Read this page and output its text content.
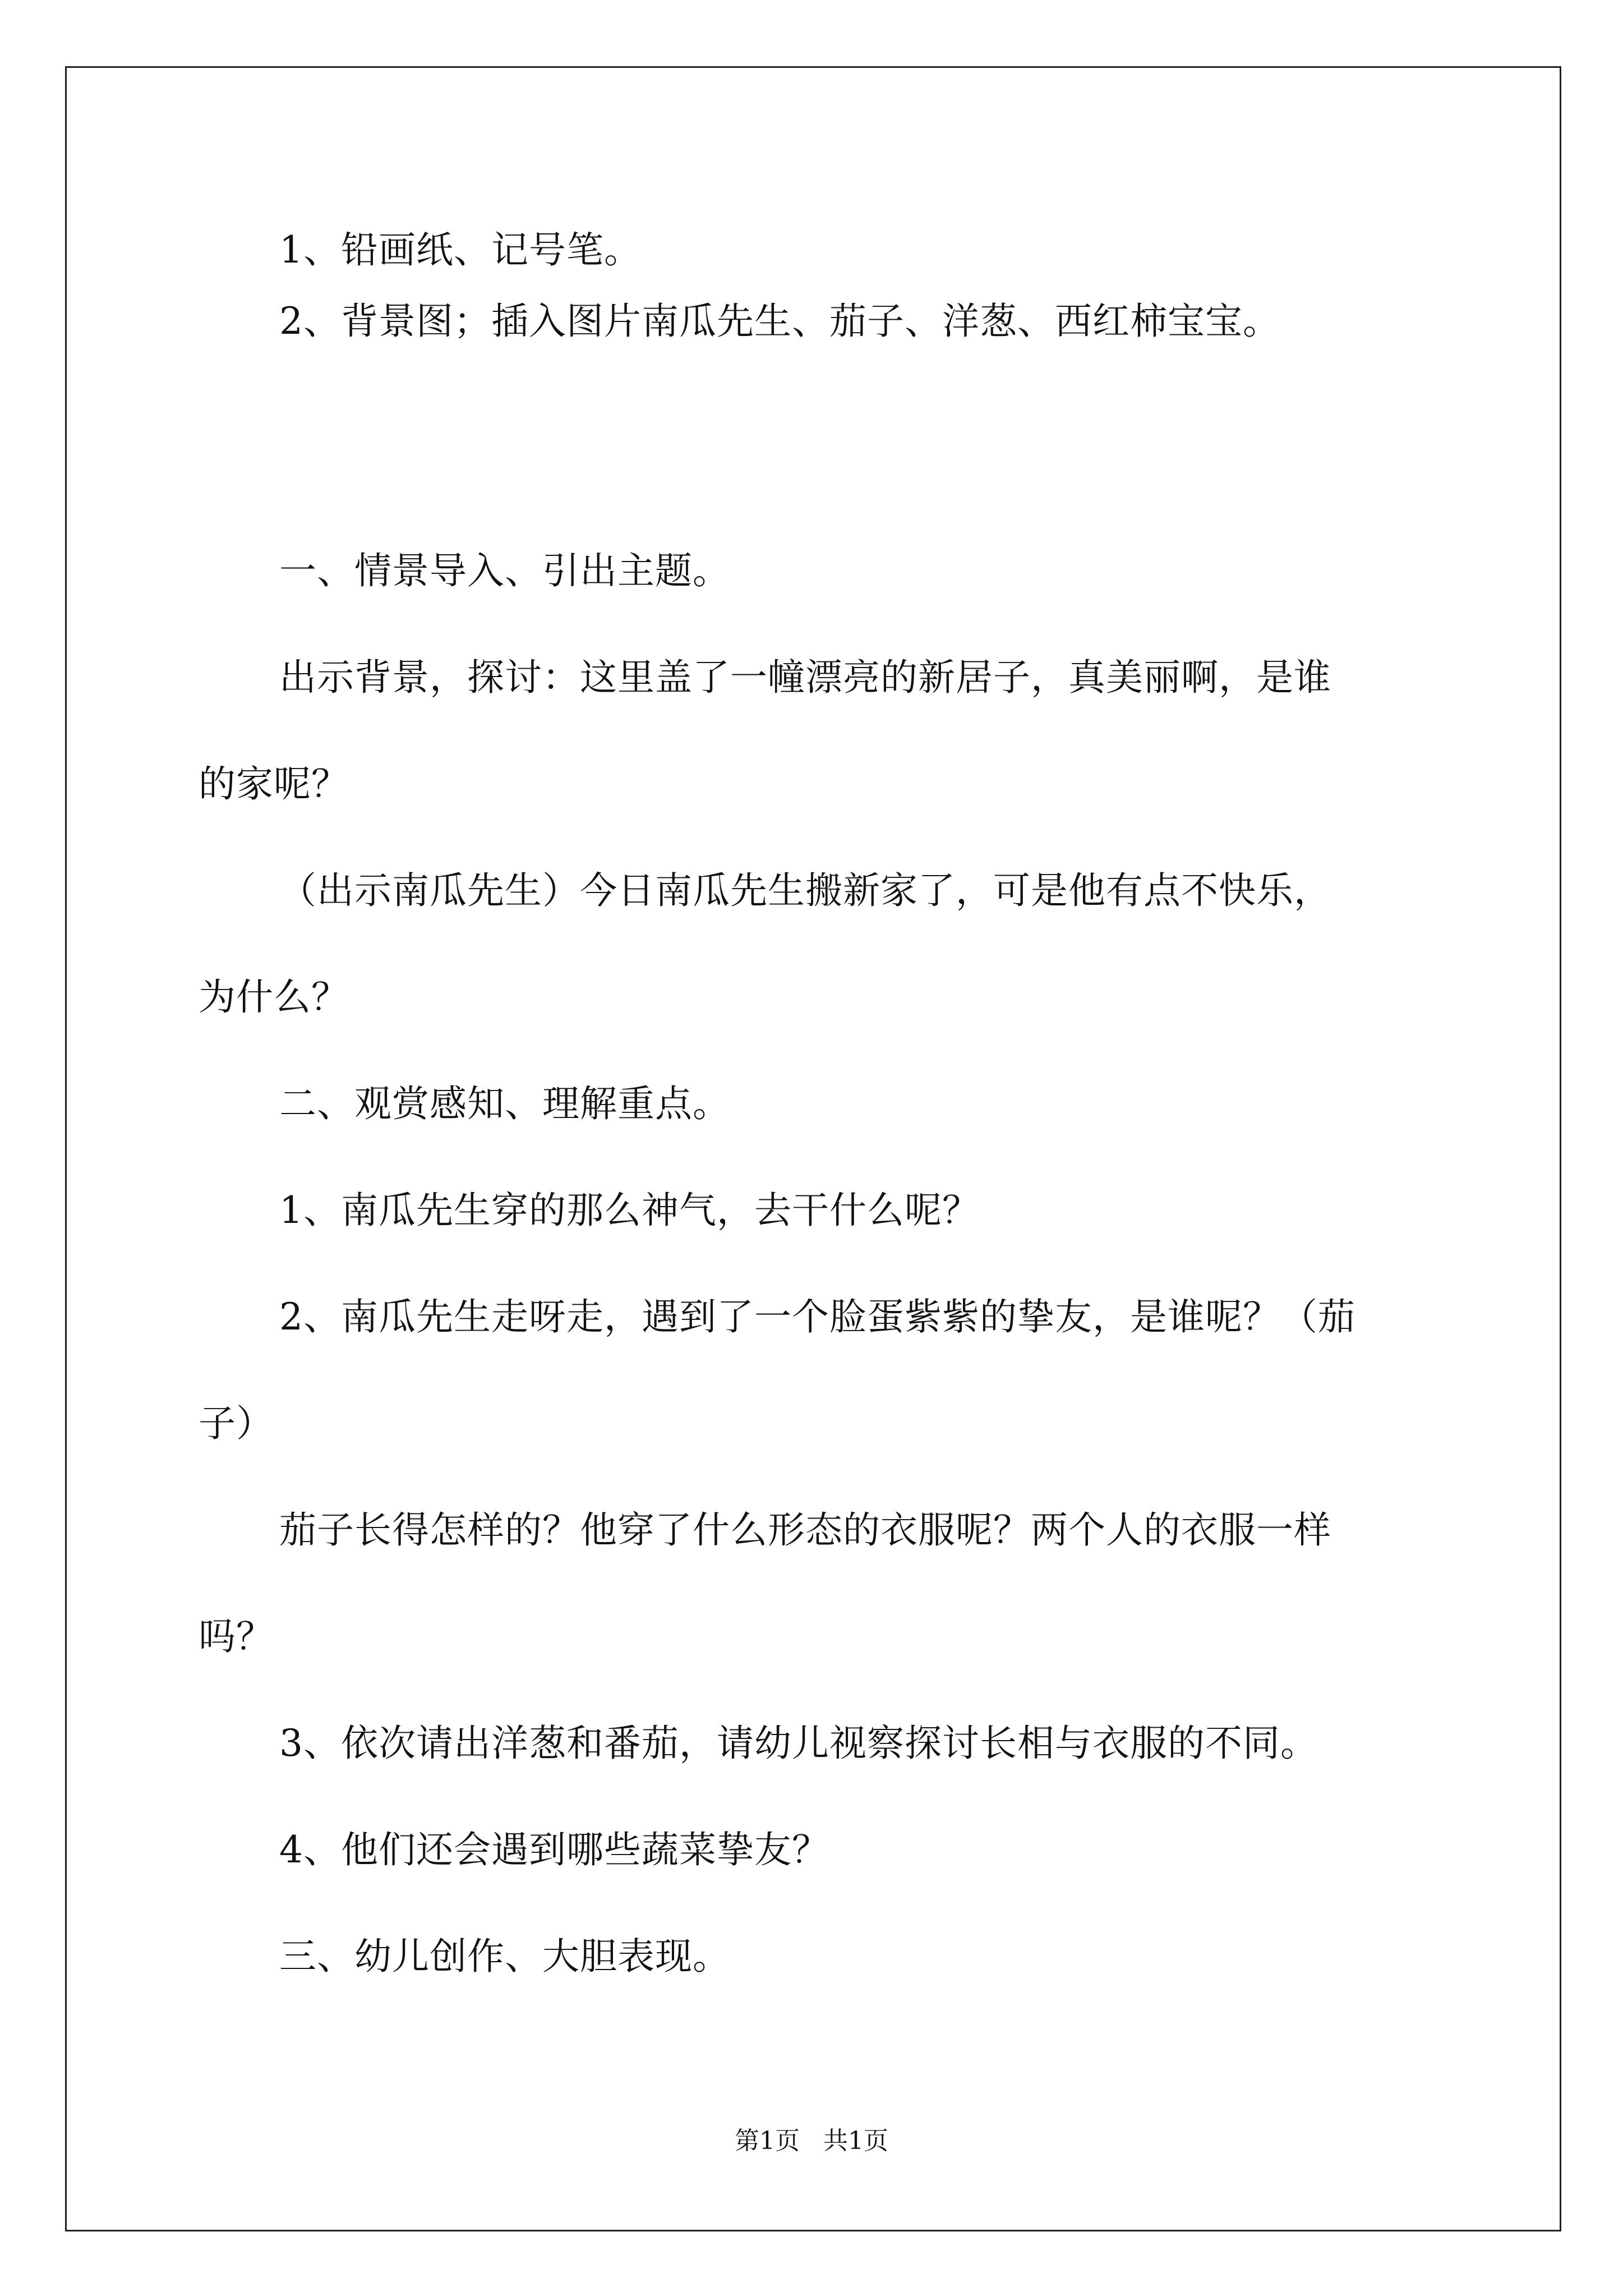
1、铅画纸、记号笔。
2、背景图；插入图片南瓜先生、茄子、洋葱、西红柿宝宝。
一、情景导入、引出主题。
出示背景，探讨：这里盖了一幢漂亮的新居子，真美丽啊，是谁
的家呢？
（出示南瓜先生）今日南瓜先生搬新家了，可是他有点不快乐，
为什么？
二、观赏感知、理解重点。
1、南瓜先生穿的那么神气，去干什么呢？
2、南瓜先生走呀走，遇到了一个脸蛋紫紫的挚友，是谁呢？（茄
子）
茄子长得怎样的？他穿了什么形态的衣服呢？两个人的衣服一样
吗？
3、依次请出洋葱和番茄，请幼儿视察探讨长相与衣服的不同。
4、他们还会遇到哪些蔬菜挚友？
三、幼儿创作、大胆表现。
第1页   共1页
